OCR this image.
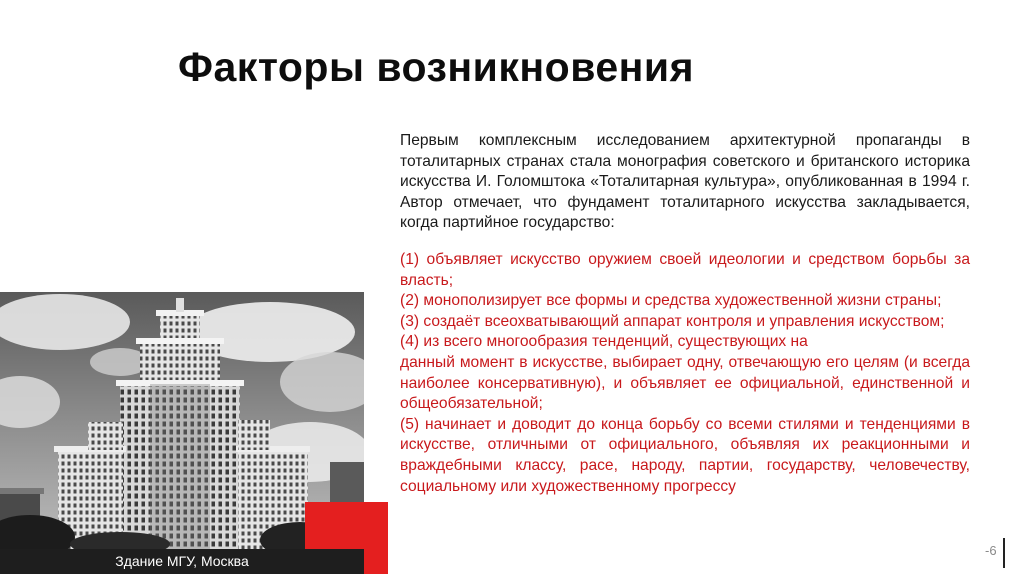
Факторы возникновения
Здание МГУ, Москва

Первым комплексным исследованием архитектурной пропаганды в тоталитарных странах стала монография советского и британского историка искусства И. Голомштока «Тоталитарная культура», опубликованная в 1994 г. Автор отмечает, что фундамент тоталитарного искусства закладывается, когда партийное государство:

(1) объявляет искусство оружием своей идеологии и средством борьбы за власть;
(2) монополизирует все формы и средства художественной жизни страны;
(3) создаёт всеохватывающий аппарат контроля и управления искусством;
(4) из всего многообразия тенденций, существующих на
данный момент в искусстве, выбирает одну, отвечающую его целям (и всегда наиболее консервативную), и объявляет ее официальной, единственной и общеобязательной;
(5) начинает и доводит до конца борьбу со всеми стилями и тенденциями в искусстве, отличными от официального, объявляя их реакционными и враждебными классу, расе, народу, партии, государству, человечеству, социальному или художественному прогрессу
-6
